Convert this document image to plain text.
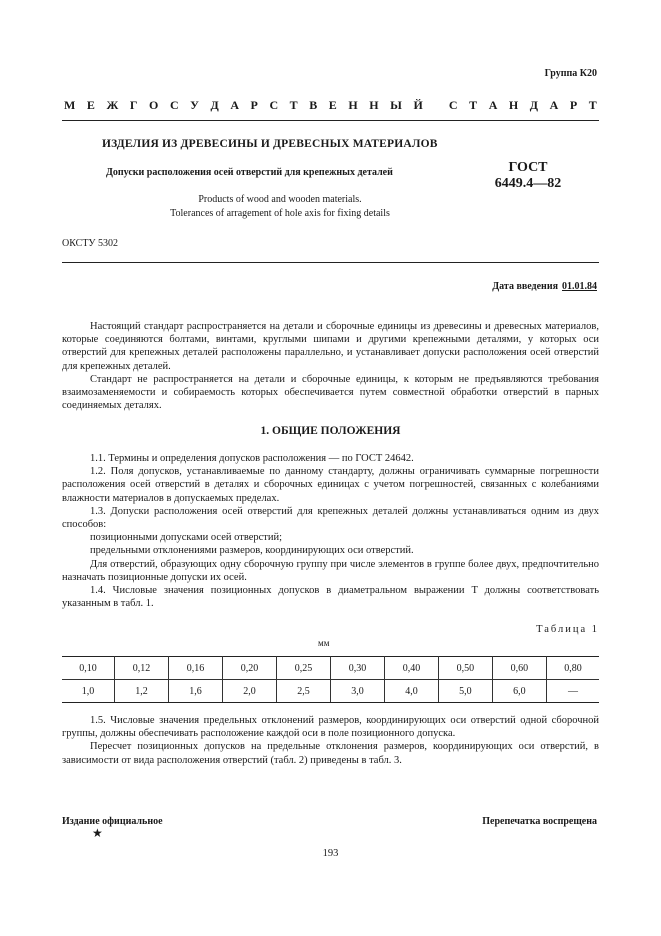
Группа К20
М Е Ж Г О С У Д А Р С Т В Е Н Н Ы Й
С Т А Н Д А Р Т
ИЗДЕЛИЯ ИЗ ДРЕВЕСИНЫ И ДРЕВЕСНЫХ МАТЕРИАЛОВ
Допуски расположения осей отверстий для крепежных деталей
Products of wood and wooden materials.
Tolerances of arragement of hole axis for fixing details
ГОСТ
6449.4—82
ОКСТУ 5302
Дата введения 01.01.84

Настоящий стандарт распространяется на детали и сборочные единицы из древесины и древесных материалов, которые соединяются болтами, винтами, круглыми шипами и другими крепежными деталями, у которых оси отверстий для крепежных деталей расположены параллельно, и устанавливает допуски расположения осей отверстий для крепежных деталей.

Стандарт не распространяется на детали и сборочные единицы, к которым не предъявляются требования взаимозаменяемости и собираемость которых обеспечивается путем совместной обработки отверстий в парных соединяемых деталях.

1. ОБЩИЕ ПОЛОЖЕНИЯ

1.1. Термины и определения допусков расположения — по ГОСТ 24642.

1.2. Поля допусков, устанавливаемые по данному стандарту, должны ограничивать суммарные погрешности расположения осей отверстий в деталях и сборочных единицах с учетом погрешностей, связанных с колебаниями влажности материалов в допускаемых пределах.

1.3. Допуски расположения осей отверстий для крепежных деталей должны устанавливаться одним из двух способов:

позиционными допусками осей отверстий;

предельными отклонениями размеров, координирующих оси отверстий.

Для отверстий, образующих одну сборочную группу при числе элементов в группе более двух, предпочтительно назначать позиционные допуски их осей.

1.4. Числовые значения позиционных допусков в диаметральном выражении T должны соответствовать указанным в табл. 1.

Таблица 1
мм
0,10	0,12	0,16	0,20	0,25	0,30	0,40	0,50	0,60	0,80
1,0	1,2	1,6	2,0	2,5	3,0	4,0	5,0	6,0	—

1.5. Числовые значения предельных отклонений размеров, координирующих оси отверстий одной сборочной группы, должны обеспечивать расположение каждой оси в поле позиционного допуска.

Пересчет позиционных допусков на предельные отклонения размеров, координирующих оси отверстий, в зависимости от вида расположения отверстий (табл. 2) приведены в табл. 3.

Издание официальное	Перепечатка воспрещена
★
193
